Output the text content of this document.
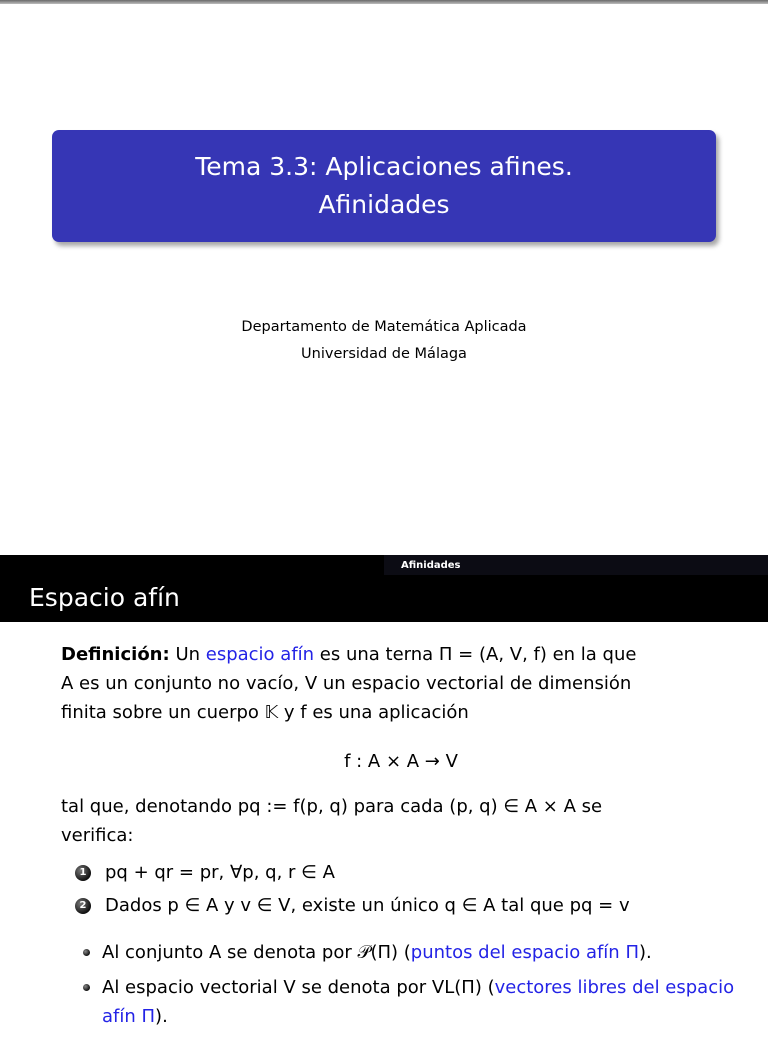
Tema 3.3: Aplicaciones afines.
Afinidades
Departamento de Matemática Aplicada
Universidad de Málaga
Afinidades
Espacio afín
Definición: Un espacio afín es una terna Π = (A, V, f) en la que
A es un conjunto no vacío, V un espacio vectorial de dimensión
finita sobre un cuerpo 𝕂 y f es una aplicación
f : A × A → V
tal que, denotando pq := f(p, q) para cada (p, q) ∈ A × A se
verifica:
1 pq + qr = pr, ∀p, q, r ∈ A
2 Dados p ∈ A y v ∈ V, existe un único q ∈ A tal que pq = v
Al conjunto A se denota por 𝒫(Π) (puntos del espacio afín Π).
Al espacio vectorial V se denota por VL(Π) (vectores libres del espacio afín Π).
